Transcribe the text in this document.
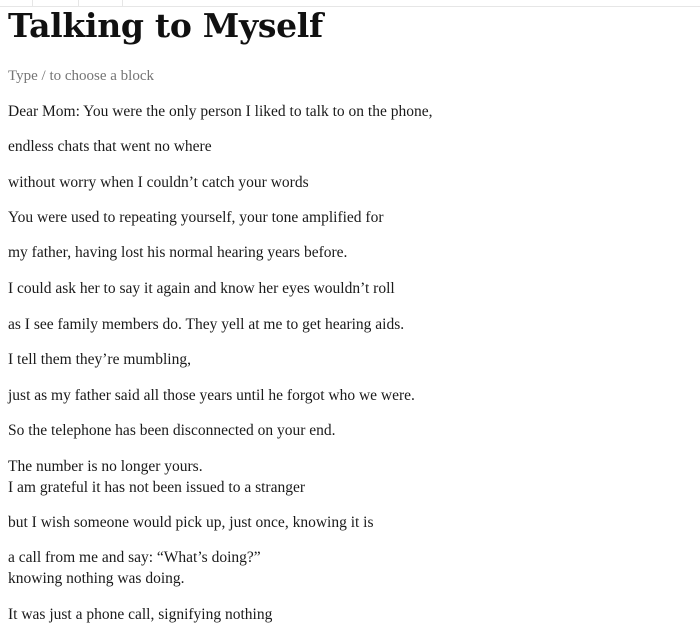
Talking to Myself
Type / to choose a block

Dear Mom: You were the only person I liked to talk to on the phone,

endless chats that went no where

without worry when I couldn’t catch your words

You were used to repeating yourself, your tone amplified for

my father, having lost his normal hearing years before.

I could ask her to say it again and know her eyes wouldn’t roll

as I see family members do. They yell at me to get hearing aids.

I tell them they’re mumbling,

just as my father said all those years until he forgot who we were.

So the telephone has been disconnected on your end.

The number is no longer yours.
I am grateful it has not been issued to a stranger

but I wish someone would pick up, just once, knowing it is

a call from me and say: “What’s doing?”
knowing nothing was doing.

It was just a phone call, signifying nothing
